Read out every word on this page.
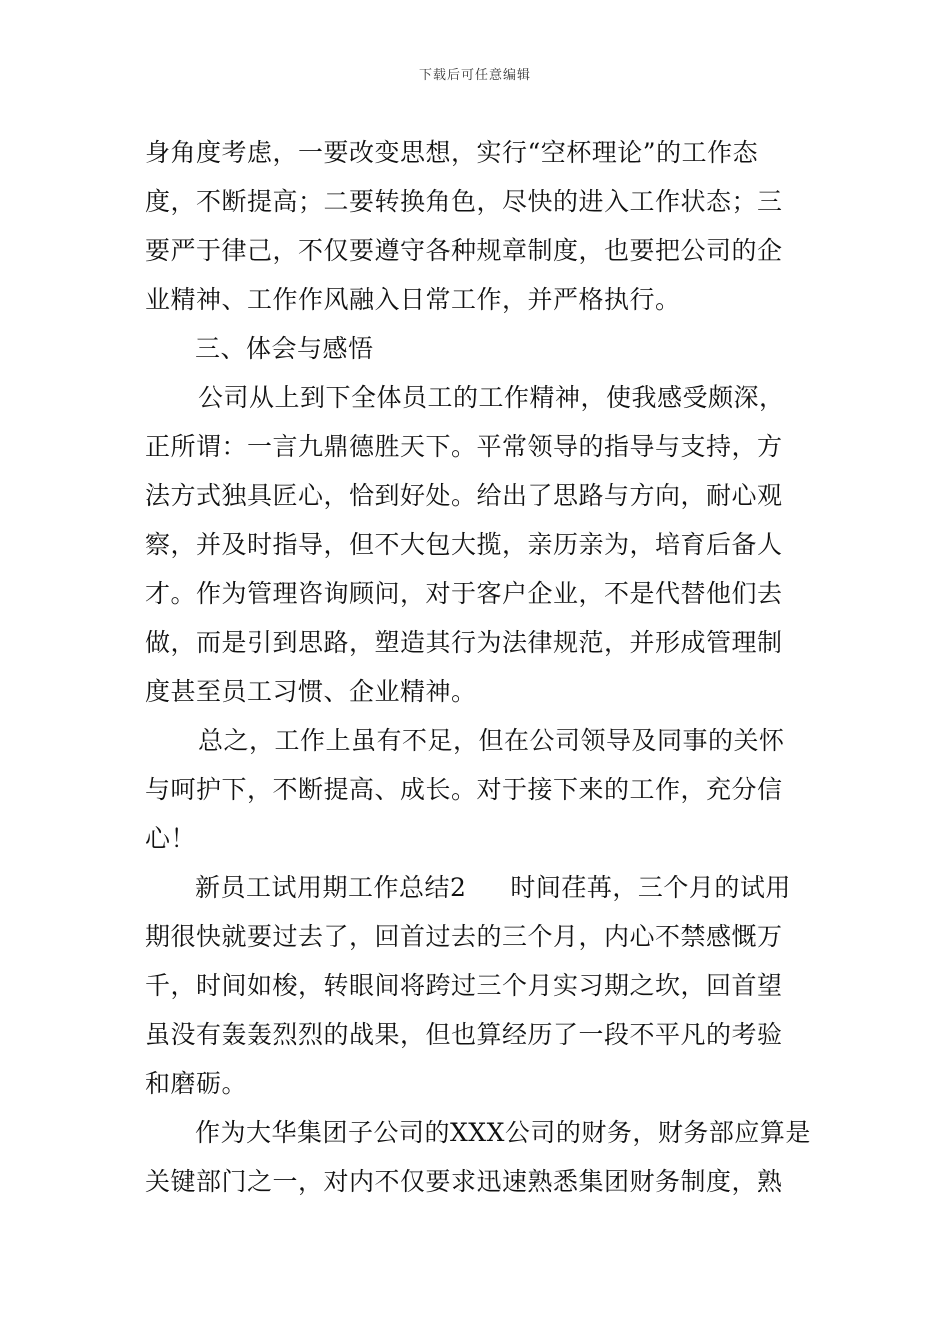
下载后可任意编辑
身角度考虑，一要改变思想，实行“空杯理论”的工作态
度，不断提高；二要转换角色，尽快的进入工作状态；三
要严于律己，不仅要遵守各种规章制度，也要把公司的企
业精神、工作作风融入日常工作，并严格执行。
三、体会与感悟
公司从上到下全体员工的工作精神，使我感受颇深，
正所谓：一言九鼎德胜天下。平常领导的指导与支持，方
法方式独具匠心，恰到好处。给出了思路与方向，耐心观
察，并及时指导，但不大包大揽，亲历亲为，培育后备人
才。作为管理咨询顾问，对于客户企业，不是代替他们去
做，而是引到思路，塑造其行为法律规范，并形成管理制
度甚至员工习惯、企业精神。
总之，工作上虽有不足，但在公司领导及同事的关怀
与呵护下，不断提高、成长。对于接下来的工作，充分信
心！
新员工试用期工作总结2 时间荏苒，三个月的试用
期很快就要过去了，回首过去的三个月，内心不禁感慨万
千，时间如梭，转眼间将跨过三个月实习期之坎，回首望
虽没有轰轰烈烈的战果，但也算经历了一段不平凡的考验
和磨砺。
作为大华集团子公司的XXX公司的财务，财务部应算是
关键部门之一，对内不仅要求迅速熟悉集团财务制度，熟
